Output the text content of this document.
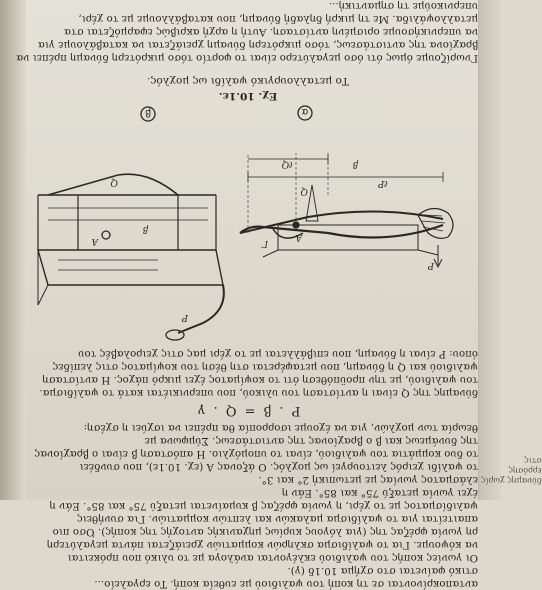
δύναμης χωρίς
ερρόσης
στις
Γνωρίζουμε όμως ότι όσο μεγαλύτερο είναι το φορτίο τόσο μικρότερη δύναμη πρέπει να
βραχίονα της αντιστάσεως, τόσο μικρότερη δύναμη χρειάζεται να καταβάλουμε για
να υπερνικήσουμε ορισμένη αντίσταση. Αυτή η αρχή ακριβώς εφαρμόζεται στα
μεταλλοψάλιδα. Με τη μικρή δηλαδή δύναμη, που καταβάλλουμε με το χέρι,
υπερνικούμε τη σημαντική...
Το μεταλλουργικό ψαλίδι ως μοχλός.
Εχ. 10.1ε.
α
ℓP
ℓQ
P
Q
A
Γ
β
β
P
Q
A
β
όπου: P είναι η δύναμη, που επιβάλλεται με το χέρι μας στις χειρολαβές του
ψαλιδιού και Q η δύναμη, που μεταφέρεται στη θέση του κοψίματος στις λεπίδες
του ψαλιδιού, με την προϋπόθεση ότι το κοψίματος έχει μικρό πάχος. Η αντίσταση
δύναμης της Q είναι η αντίσταση του υλικού, που υπερνικιέται κατά το ψαλίδισμα.
P . β = Q . γ
θεωρία των μοχλών, για να έχουμε ισορροπία θα πρέπει να ισχύει η σχέση:
της δυνάμεως και β ο βραχίονας της αντιστάσεως. Σύμφωνα με
το δυο κομμάτια του ψαλιδιού, είναι το υπομόχλιο. Η απόσταση β είναι ο βραχίονας
το ψαλίδι χειρός λειτουργεί ως μοχλός. Ο άξονας Α (εχ. 10.1ε), που συνδέει
ελάσματος γωνίας με μετωπική 2° και 3°.
έχει γωνία μεταξύ 75° και 85°. Εάν η
ψαλιδίσματος με το χέρι, η γωνία φρέζας β κυμαίνεται μεταξύ 75° και 85°. Εάν η
απαιτείται για το ψαλίδισμα μαλακών και λεπτών κομματιών. Για συνήθεις
ρη γωνία φρέζας της (για λόγους κυρίως μηχανικής αντοχής της κοπής). Όσο πιο
να κόψουμε. Για το ψαλίδισμα σκληρών κομματιών χρειάζεται πάντα μεγαλύτερη
Οι γωνίες κοπής του ψαλιδιού εκλέγονται ανάλογα με το υλικό που πρόκειται
στικό φαίνεται στο σχήμα 10.1δ (γ).
ανταποκρίνονται σε τη κοπή του ψαλιδιού με ευθεία κοπή. Το εργαλείο...
